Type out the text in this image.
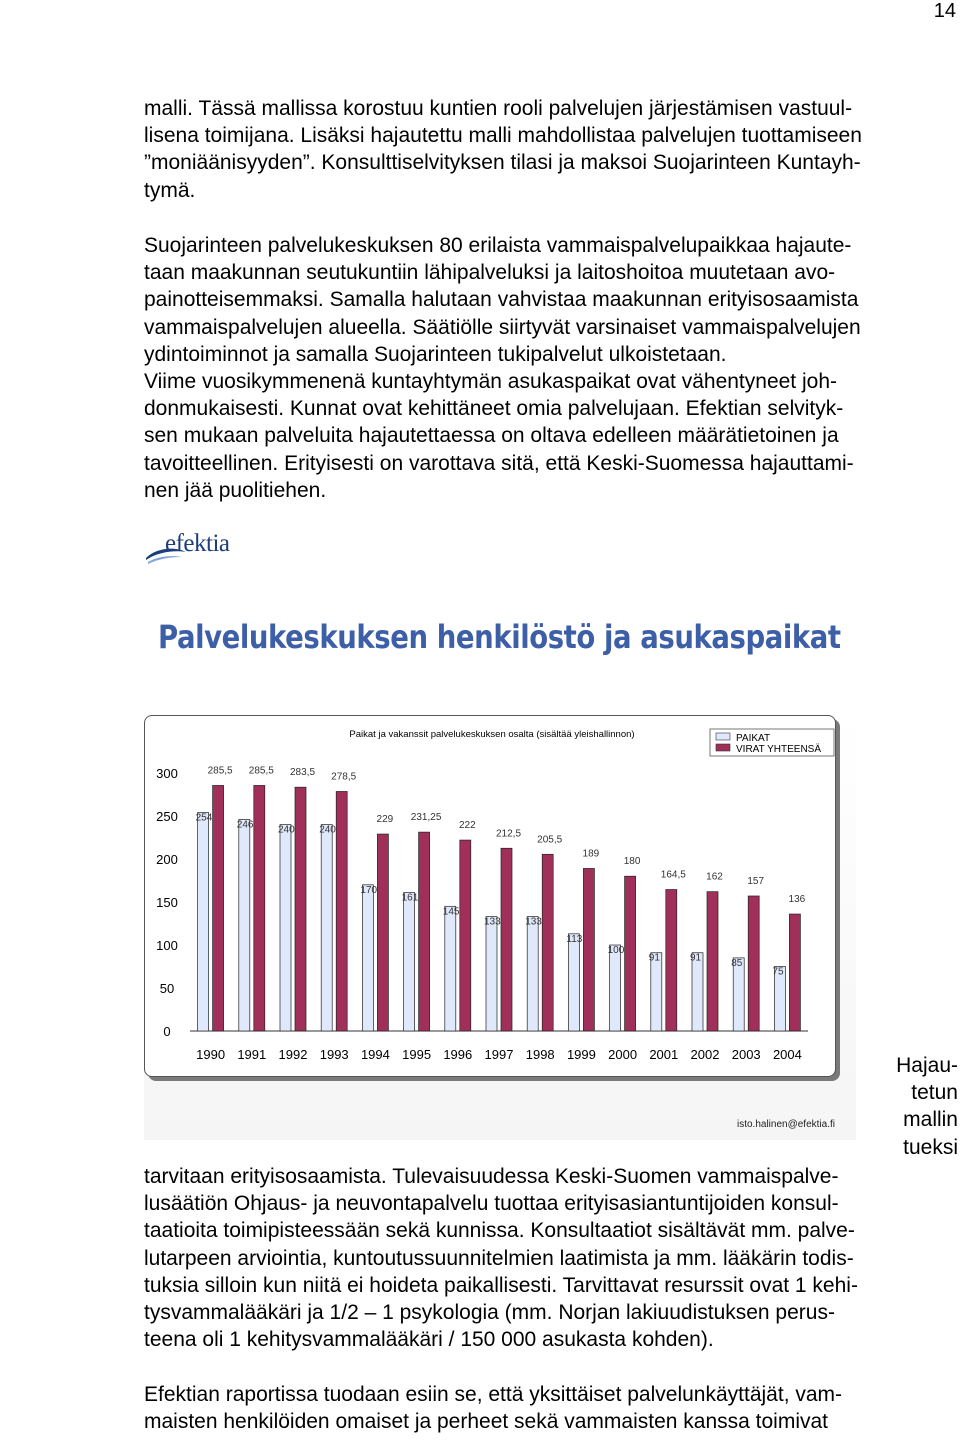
14

malli. Tässä mallissa korostuu kuntien rooli palvelujen järjestämisen vastuul-

lisena toimijana. Lisäksi hajautettu malli mahdollistaa palvelujen tuottamiseen

”moniäänisyyden”. Konsulttiselvityksen tilasi ja maksoi Suojarinteen Kuntayh-

tymä.

Suojarinteen palvelukeskuksen 80 erilaista vammaispalvelupaikkaa hajaute-

taan maakunnan seutukuntiin lähipalveluksi ja laitoshoitoa muutetaan avo-

painotteisemmaksi. Samalla halutaan vahvistaa maakunnan erityisosaamista

vammaispalvelujen alueella. Säätiölle siirtyvät varsinaiset vammaispalvelujen

ydintoiminnot ja samalla Suojarinteen tukipalvelut ulkoistetaan.

Viime vuosikymmenenä kuntayhtymän asukaspaikat ovat vähentyneet joh-

donmukaisesti. Kunnat ovat kehittäneet omia palvelujaan. Efektian selvityk-

sen mukaan palveluita hajautettaessa on oltava edelleen määrätietoinen ja

tavoitteellinen. Erityisesti on varottava sitä, että Keski-Suomessa hajauttami-

nen jää puolitiehen.

efektia
Palvelukeskuksen henkilöstö ja asukaspaikat
Paikat ja vakanssit palvelukeskuksen osalta (sisältää yleishallinnon)	PAIKAT
VIRAT YHTEENSÄ
0
50
100
150
200
250
300
254
285,5
1990
246
285,5
1991
240
283,5
1992
240
278,5
1993
170
229
1994
161
231,25
1995
145
222
1996
133
212,5
1997
133
205,5
1998
113
189
1999
100
180
2000
91
164,5
2001
91
162
2002
85
157
2003
75
136
2004
isto.halinen@efektia.fi
Hajau-
tetun
mallin
tueksi

tarvitaan erityisosaamista. Tulevaisuudessa Keski-Suomen vammaispalve-

lusäätiön Ohjaus- ja neuvontapalvelu tuottaa erityisasiantuntijoiden konsul-

taatioita toimipisteessään sekä kunnissa. Konsultaatiot sisältävät mm. palve-

lutarpeen arviointia, kuntoutussuunnitelmien laatimista ja mm. lääkärin todis-

tuksia silloin kun niitä ei hoideta paikallisesti. Tarvittavat resurssit ovat 1 kehi-

tysvammalääkäri ja 1/2 – 1 psykologia (mm. Norjan lakiuudistuksen perus-

teena oli 1 kehitysvammalääkäri / 150 000 asukasta kohden).

Efektian raportissa tuodaan esiin se, että yksittäiset palvelunkäyttäjät, vam-

maisten henkilöiden omaiset ja perheet sekä vammaisten kanssa toimivat
